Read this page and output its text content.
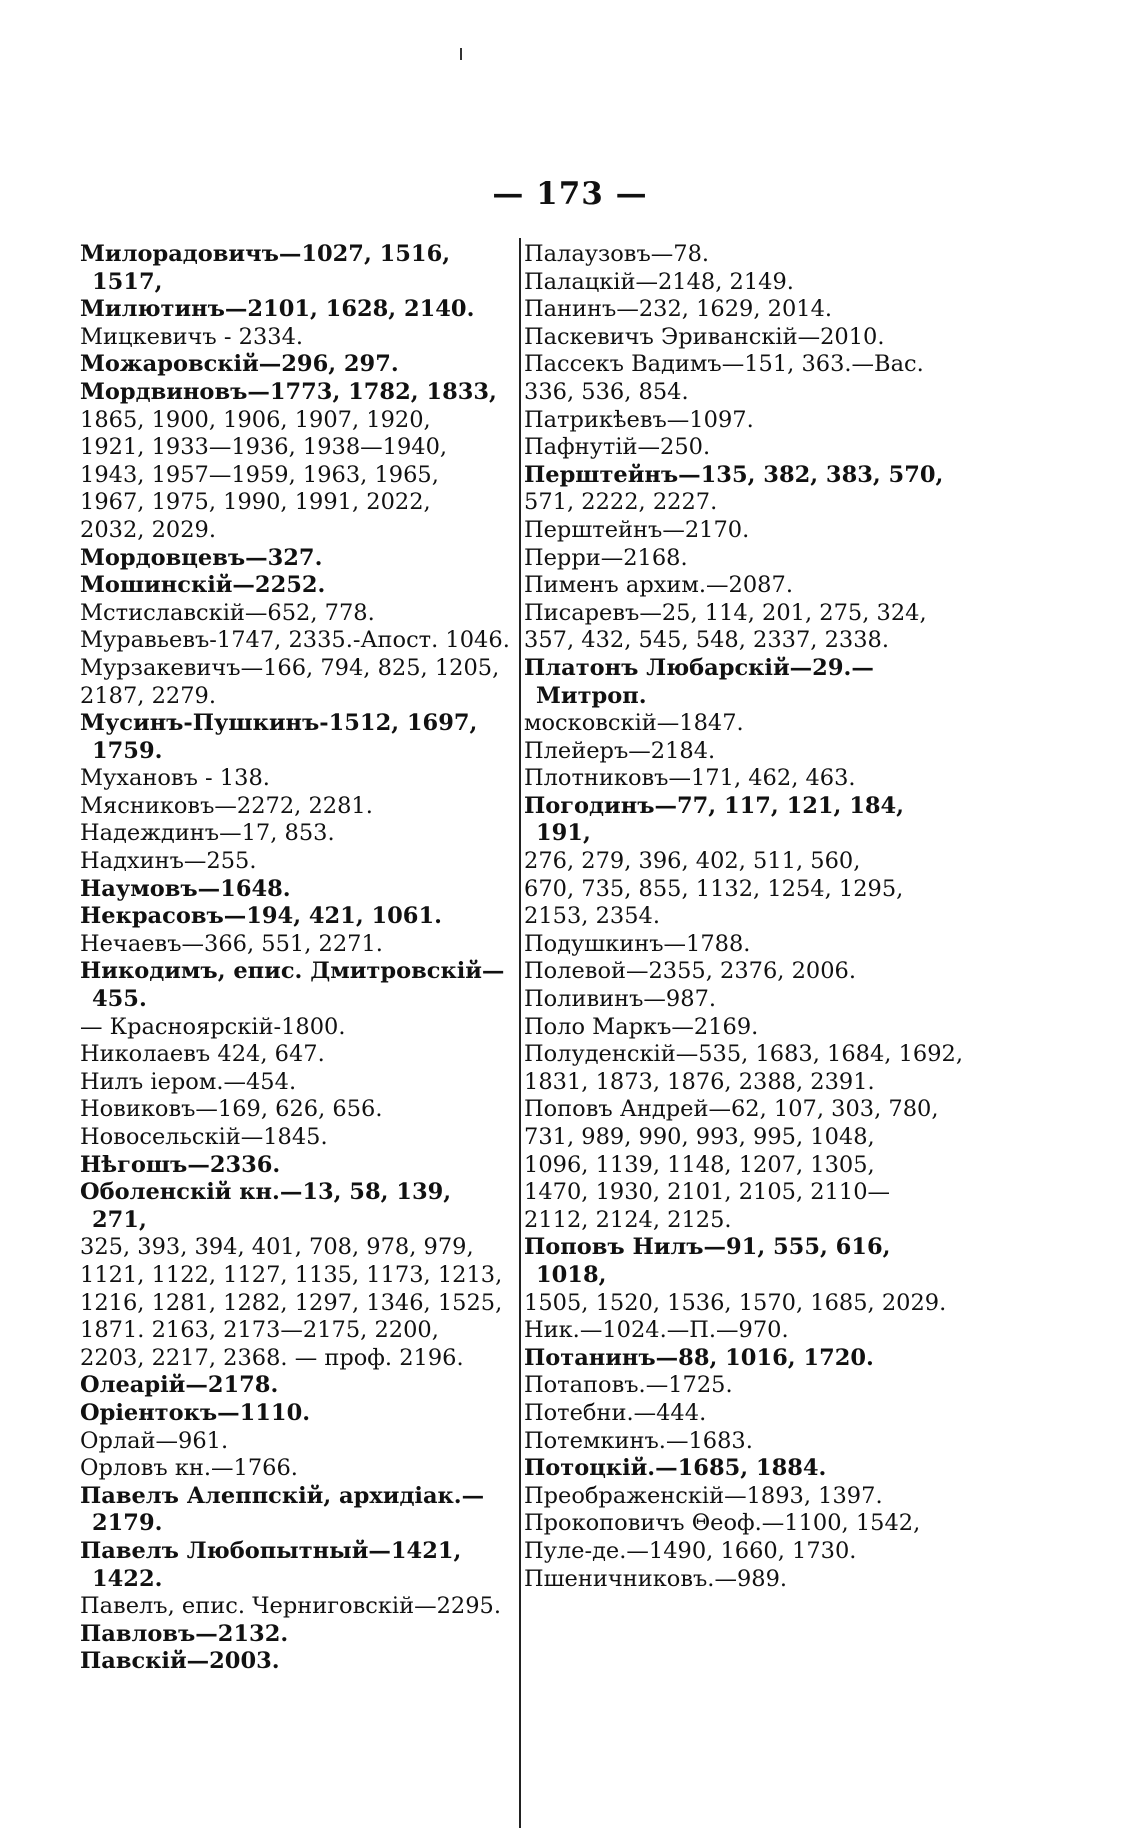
— 173 —
Милорадовичъ—1027, 1516, 1517,
Милютинъ—2101, 1628, 2140.
Мицкевичъ - 2334.
Можаровскій—296, 297.
Мордвиновъ—1773, 1782, 1833,
1865, 1900, 1906, 1907, 1920,
1921, 1933—1936, 1938—1940,
1943, 1957—1959, 1963, 1965,
1967, 1975, 1990, 1991, 2022,
2032, 2029.
Мордовцевъ—327.
Мошинскій—2252.
Мстиславскій—652, 778.
Муравьевъ-1747, 2335.-Апост. 1046.
Мурзакевичъ—166, 794, 825, 1205,
2187, 2279.
Мусинъ-Пушкинъ-1512, 1697, 1759.
Мухановъ - 138.
Мясниковъ—2272, 2281.
Надеждинъ—17, 853.
Надхинъ—255.
Наумовъ—1648.
Некрасовъ—194, 421, 1061.
Нечаевъ—366, 551, 2271.
Никодимъ, епис. Дмитровскій—455.
— Красноярскій-1800.
Николаевъ 424, 647.
Нилъ іером.—454.
Новиковъ—169, 626, 656.
Новосельскій—1845.
Нѣгошъ—2336.
Оболенскій кн.—13, 58, 139, 271,
325, 393, 394, 401, 708, 978, 979,
1121, 1122, 1127, 1135, 1173, 1213,
1216, 1281, 1282, 1297, 1346, 1525,
1871. 2163, 2173—2175, 2200,
2203, 2217, 2368. — проф. 2196.
Олеарій—2178.
Оріентокъ—1110.
Орлай—961.
Орловъ кн.—1766.
Павелъ Алеппскій, архидіак.—2179.
Павелъ Любопытный—1421, 1422.
Павелъ, епис. Черниговскій—2295.
Павловъ—2132.
Павскій—2003.
Палаузовъ—78.
Палацкій—2148, 2149.
Панинъ—232, 1629, 2014.
Паскевичъ Эриванскій—2010.
Пассекъ Вадимъ—151, 363.—Вас.
336, 536, 854.
Патрикѣевъ—1097.
Пафнутій—250.
Перштейнъ—135, 382, 383, 570,
571, 2222, 2227.
Перштейнъ—2170.
Перри—2168.
Пименъ архим.—2087.
Писаревъ—25, 114, 201, 275, 324,
357, 432, 545, 548, 2337, 2338.
Платонъ Любарскій—29.—Митроп.
московскій—1847.
Плейеръ—2184.
Плотниковъ—171, 462, 463.
Погодинъ—77, 117, 121, 184, 191,
276, 279, 396, 402, 511, 560,
670, 735, 855, 1132, 1254, 1295,
2153, 2354.
Подушкинъ—1788.
Полевой—2355, 2376, 2006.
Поливинъ—987.
Поло Маркъ—2169.
Полуденскій—535, 1683, 1684, 1692,
1831, 1873, 1876, 2388, 2391.
Поповъ Андрей—62, 107, 303, 780,
731, 989, 990, 993, 995, 1048,
1096, 1139, 1148, 1207, 1305,
1470, 1930, 2101, 2105, 2110—
2112, 2124, 2125.
Поповъ Нилъ—91, 555, 616, 1018,
1505, 1520, 1536, 1570, 1685, 2029.
Ник.—1024.—П.—970.
Потанинъ—88, 1016, 1720.
Потаповъ.—1725.
Потебни.—444.
Потемкинъ.—1683.
Потоцкій.—1685, 1884.
Преображенскій—1893, 1397.
Прокоповичъ Θеоф.—1100, 1542,
Пуле-де.—1490, 1660, 1730.
Пшеничниковъ.—989.
